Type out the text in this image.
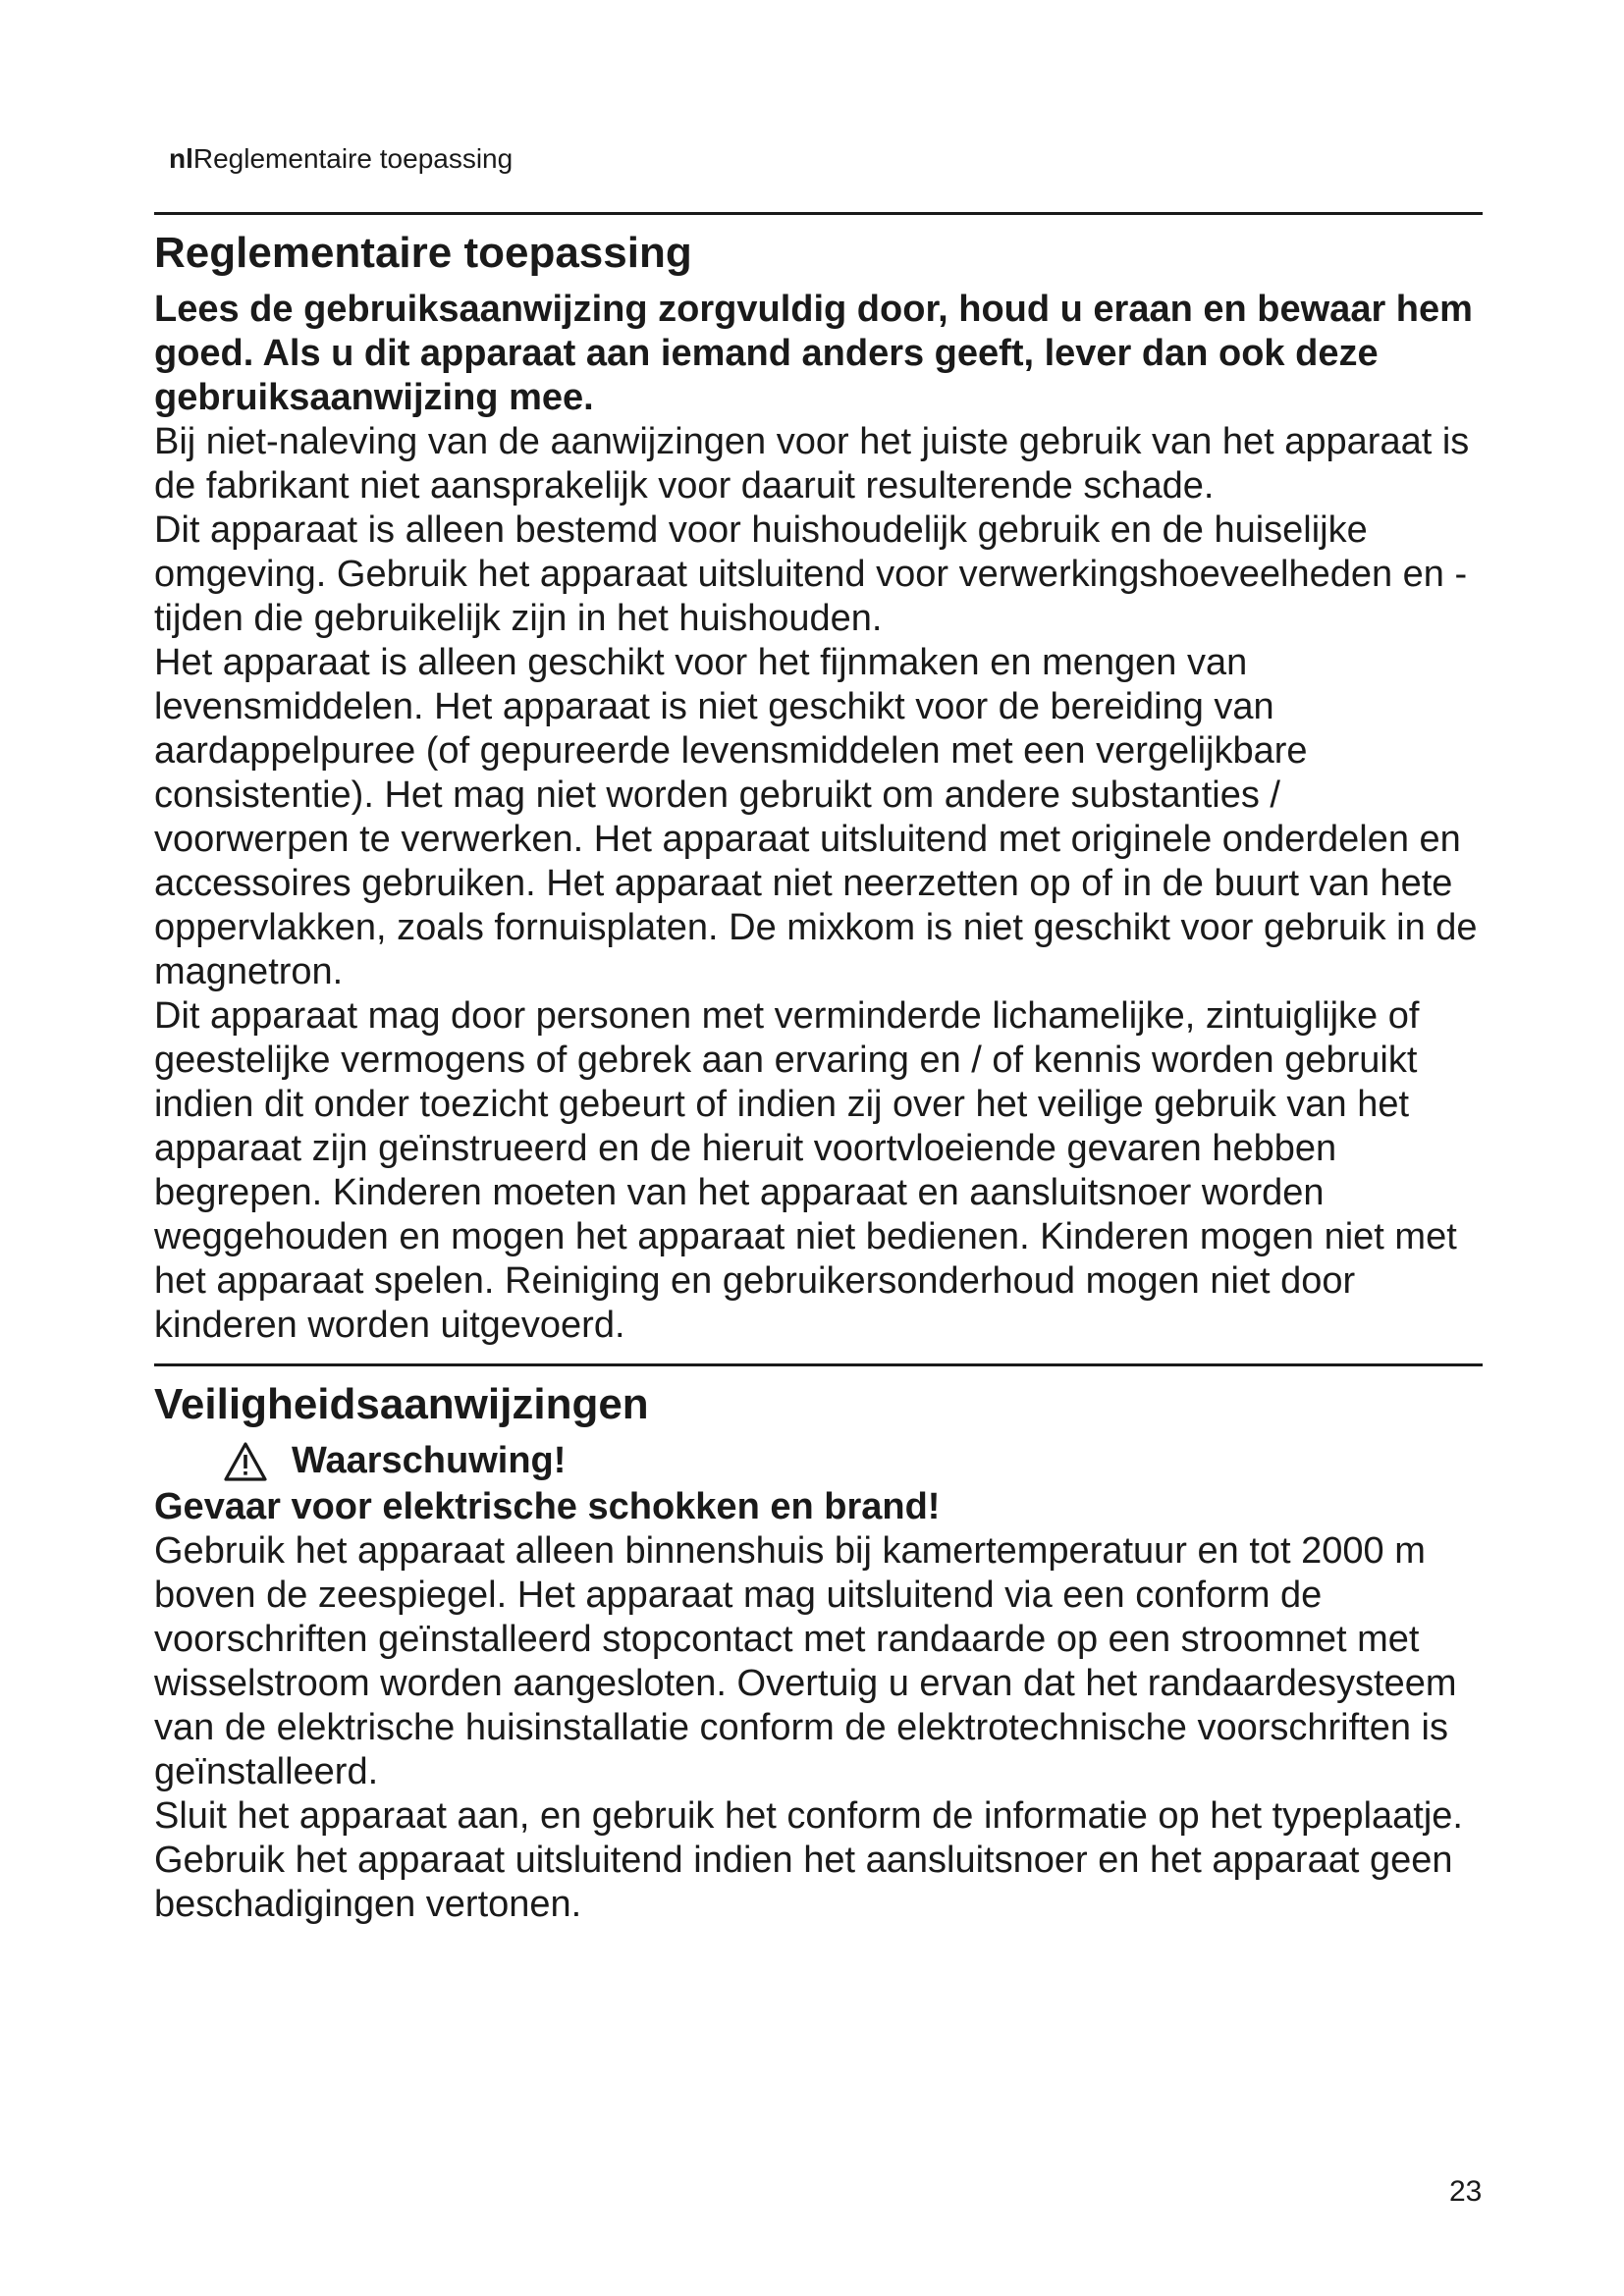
nlReglementaire toepassing
Reglementaire toepassing

Lees de gebruiksaanwijzing zorgvuldig door, houd u eraan en bewaar hem goed. Als u dit apparaat aan iemand anders geeft, lever dan ook deze gebruiksaanwijzing mee.

Bij niet-naleving van de aanwijzingen voor het juiste gebruik van het apparaat is de fabrikant niet aansprakelijk voor daaruit resulterende schade.

Dit apparaat is alleen bestemd voor huishoudelijk gebruik en de huiselijke omgeving. Gebruik het apparaat uitsluitend voor verwerkingshoeveelheden en -tijden die gebruikelijk zijn in het huishouden.

Het apparaat is alleen geschikt voor het fijnmaken en mengen van levensmiddelen. Het apparaat is niet geschikt voor de bereiding van aardappelpuree (of gepureerde levensmiddelen met een vergelijkbare consistentie). Het mag niet worden gebruikt om andere substanties / voorwerpen te verwerken. Het apparaat uitsluitend met originele onderdelen en accessoires gebruiken. Het apparaat niet neerzetten op of in de buurt van hete oppervlakken, zoals fornuisplaten. De mixkom is niet geschikt voor gebruik in de magnetron.

Dit apparaat mag door personen met verminderde lichamelijke, zintuiglijke of geestelijke vermogens of gebrek aan ervaring en / of kennis worden gebruikt indien dit onder toezicht gebeurt of indien zij over het veilige gebruik van het apparaat zijn geïnstrueerd en de hieruit voortvloeiende gevaren hebben begrepen. Kinderen moeten van het apparaat en aansluitsnoer worden weggehouden en mogen het apparaat niet bedienen. Kinderen mogen niet met het apparaat spelen. Reiniging en gebruikersonderhoud mogen niet door kinderen worden uitgevoerd.

Veiligheidsaanwijzingen
Waarschuwing!

Gevaar voor elektrische schokken en brand!

Gebruik het apparaat alleen binnenshuis bij kamertemperatuur en tot 2000 m boven de zeespiegel. Het apparaat mag uitsluitend via een conform de voorschriften geïnstalleerd stopcontact met randaarde op een stroomnet met wisselstroom worden aangesloten. Overtuig u ervan dat het randaardesysteem van de elektrische huisinstallatie conform de elektrotechnische voorschriften is geïnstalleerd.

Sluit het apparaat aan, en gebruik het conform de informatie op het typeplaatje. Gebruik het apparaat uitsluitend indien het aansluitsnoer en het apparaat geen beschadigingen vertonen.

23
